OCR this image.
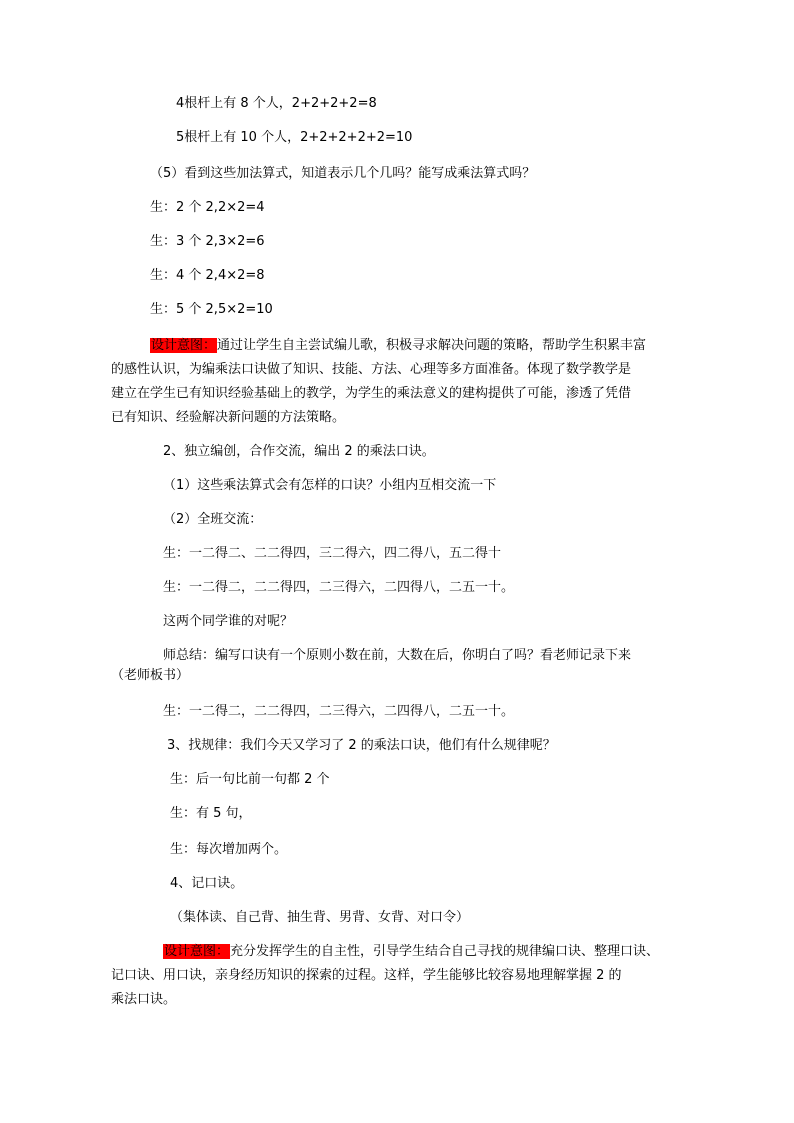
4根杆上有 8 个人，2+2+2+2=8
5根杆上有 10 个人，2+2+2+2+2=10
（5）看到这些加法算式，知道表示几个几吗？能写成乘法算式吗？
生：2 个 2,2×2=4
生：3 个 2,3×2=6
生：4 个 2,4×2=8
生：5 个 2,5×2=10
设计意图：通过让学生自主尝试编儿歌，积极寻求解决问题的策略，帮助学生积累丰富
的感性认识，为编乘法口诀做了知识、技能、方法、心理等多方面准备。体现了数学教学是
建立在学生已有知识经验基础上的教学，为学生的乘法意义的建构提供了可能，渗透了凭借
已有知识、经验解决新问题的方法策略。
2、独立编创，合作交流，编出 2 的乘法口诀。
（1）这些乘法算式会有怎样的口诀？小组内互相交流一下
（2）全班交流：
生：一二得二、二二得四，三二得六，四二得八，五二得十
生：一二得二，二二得四，二三得六，二四得八，二五一十。
这两个同学谁的对呢？
师总结：编写口诀有一个原则小数在前，大数在后，你明白了吗？看老师记录下来
（老师板书）
生：一二得二，二二得四，二三得六，二四得八，二五一十。
3、找规律：我们今天又学习了 2 的乘法口诀，他们有什么规律呢？
生：后一句比前一句都 2 个
生：有 5 句，
生：每次增加两个。
4、记口诀。
（集体读、自己背、抽生背、男背、女背、对口令）
设计意图：充分发挥学生的自主性，引导学生结合自己寻找的规律编口诀、整理口诀、
记口诀、用口诀，亲身经历知识的探索的过程。这样，学生能够比较容易地理解掌握 2 的
乘法口诀。
